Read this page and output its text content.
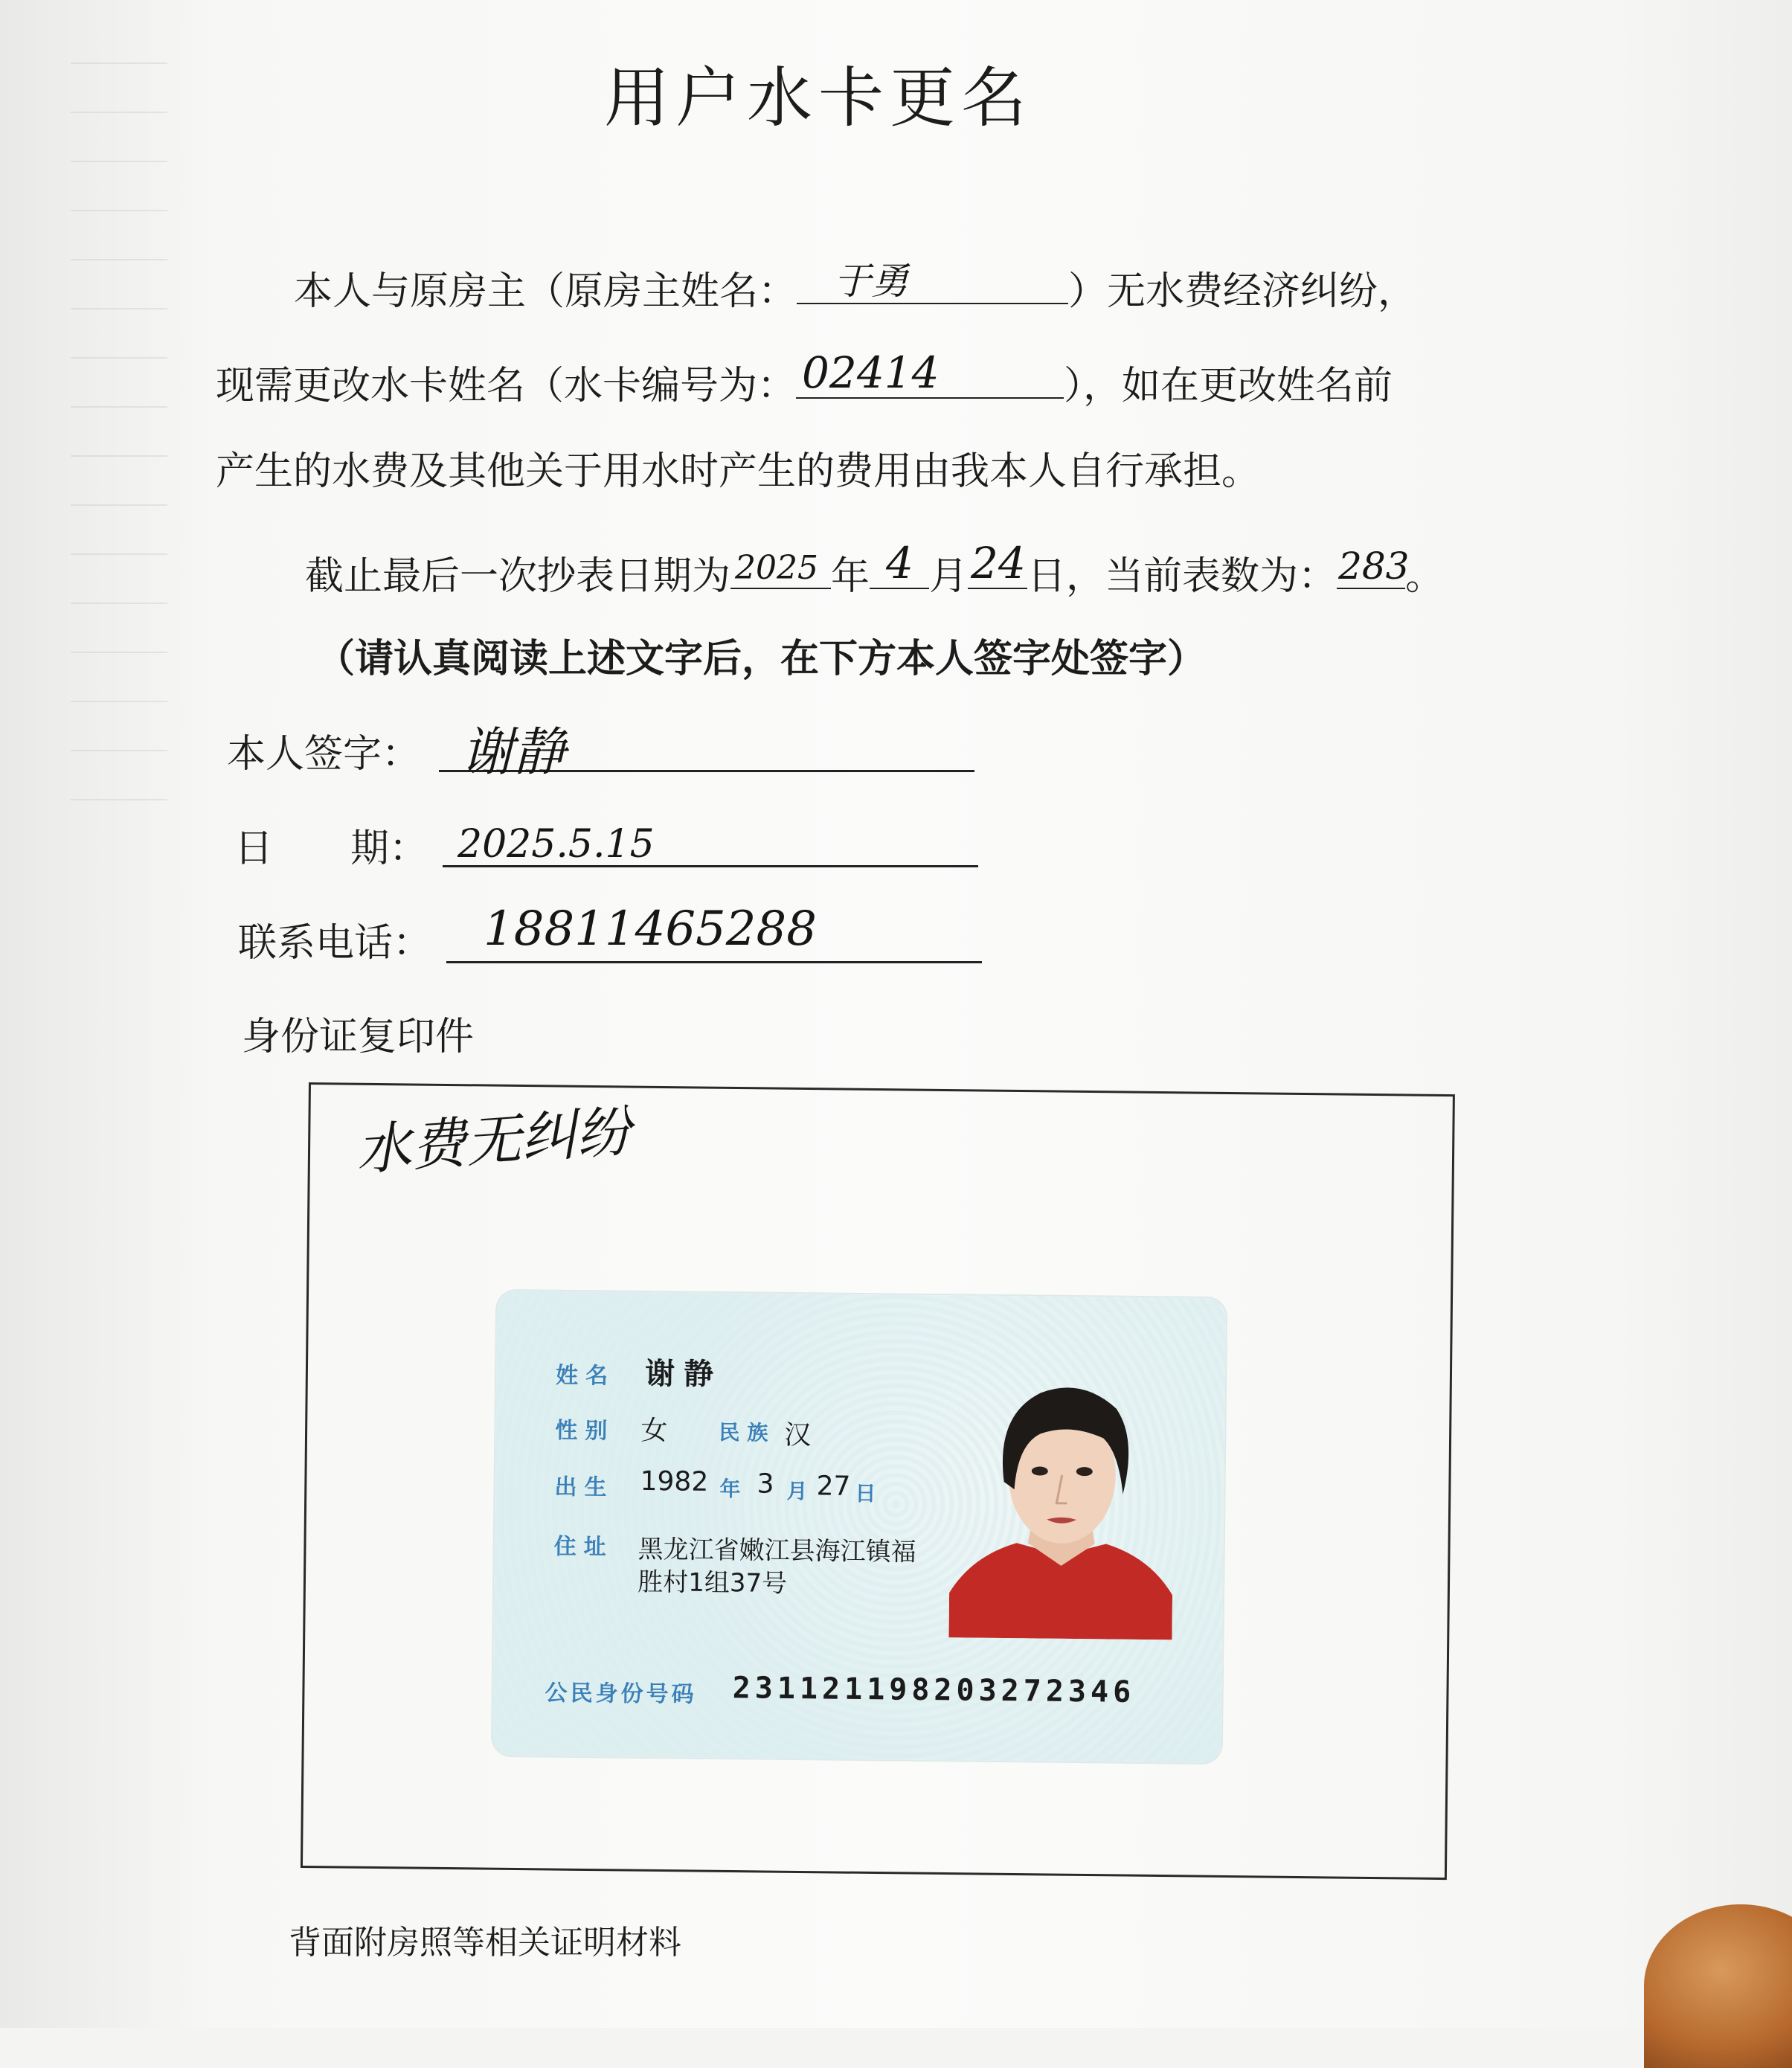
用户水卡更名
本人与原房主（原房主姓名： 于勇	）无水费经济纠纷，
现需更改水卡姓名（水卡编号为： 02414	），如在更改姓名前
产生的水费及其他关于用水时产生的费用由我本人自行承担。
截止最后一次抄表日期为 2025 年 4 月 24 日，当前表数为： 283
。
（请认真阅读上述文字后，在下方本人签字处签字）
本人签字： 谢静
日　　期： 2025.5.15
联系电话： 18811465288
身份证复印件
水费无纠纷
姓名 谢静
性别 女 民族 汉
出生 1982 年 3 月 27 日
住址 黑龙江省嫩江县海江镇福
胜村1组37号
公民身份号码 231121198203272346
背面附房照等相关证明材料
